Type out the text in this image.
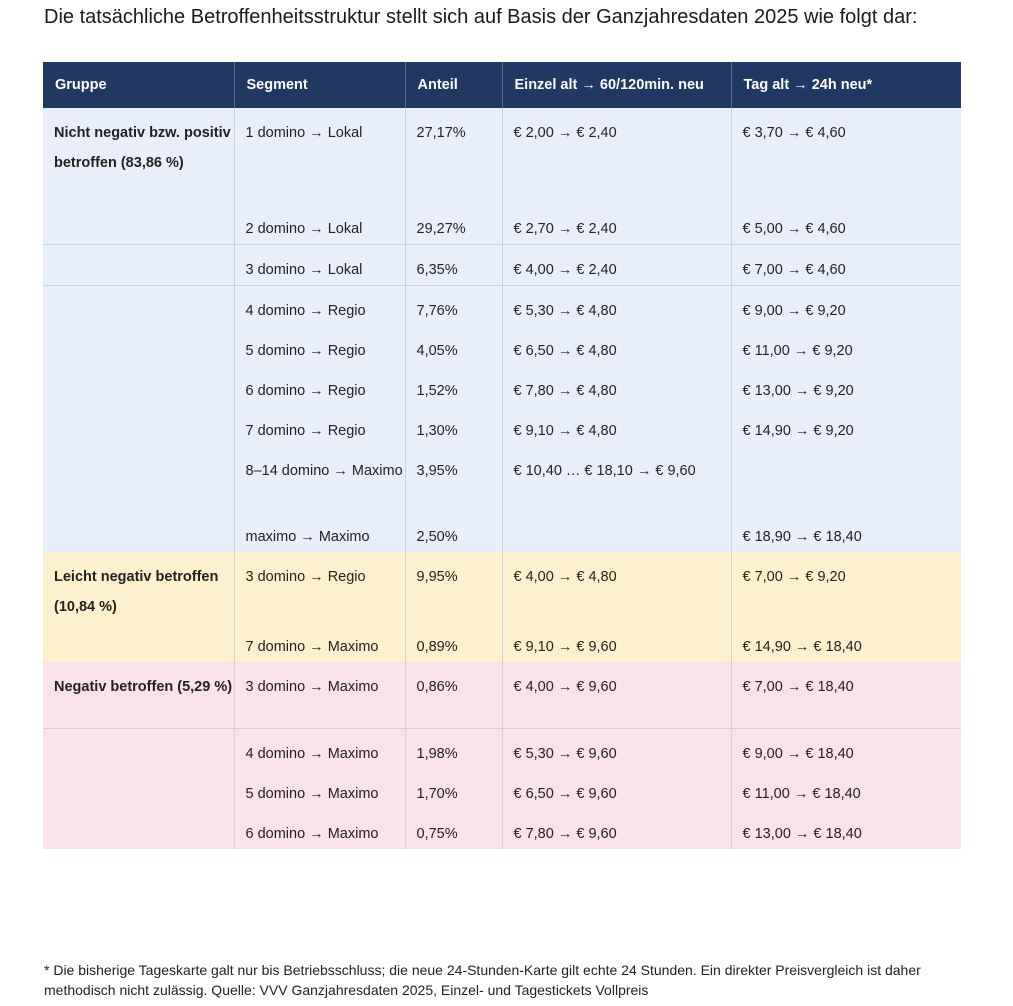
Die tatsächliche Betroffenheitsstruktur stellt sich auf Basis der Ganzjahresdaten 2025 wie folgt dar:
Gruppe	Segment	Anteil	Einzel alt → 60/120min. neu	Tag alt → 24h neu*
Nicht negativ bzw. positiv betroffen (83,86 %)	1 domino → Lokal	27,17%	€ 2,00 → € 2,40	€ 3,70 → € 4,60
	2 domino → Lokal	29,27%	€ 2,70 → € 2,40	€ 5,00 → € 4,60
	3 domino → Lokal	6,35%	€ 4,00 → € 2,40	€ 7,00 → € 4,60
	4 domino → Regio	7,76%	€ 5,30 → € 4,80	€ 9,00 → € 9,20
	5 domino → Regio	4,05%	€ 6,50 → € 4,80	€ 11,00 → € 9,20
	6 domino → Regio	1,52%	€ 7,80 → € 4,80	€ 13,00 → € 9,20
	7 domino → Regio	1,30%	€ 9,10 → € 4,80	€ 14,90 → € 9,20
	8–14 domino → Maximo	3,95%	€ 10,40 … € 18,10 → € 9,60	
	maximo → Maximo	2,50%		€ 18,90 → € 18,40
Leicht negativ betroffen (10,84 %)	3 domino → Regio	9,95%	€ 4,00 → € 4,80	€ 7,00 → € 9,20
	7 domino → Maximo	0,89%	€ 9,10 → € 9,60	€ 14,90 → € 18,40
Negativ betroffen (5,29 %)	3 domino → Maximo	0,86%	€ 4,00 → € 9,60	€ 7,00 → € 18,40
	4 domino → Maximo	1,98%	€ 5,30 → € 9,60	€ 9,00 → € 18,40
	5 domino → Maximo	1,70%	€ 6,50 → € 9,60	€ 11,00 → € 18,40
	6 domino → Maximo	0,75%	€ 7,80 → € 9,60	€ 13,00 → € 18,40
* Die bisherige Tageskarte galt nur bis Betriebsschluss; die neue 24-Stunden-Karte gilt echte 24 Stunden. Ein direkter Preisvergleich ist daher methodisch nicht zulässig. Quelle: VVV Ganzjahresdaten 2025, Einzel- und Tagestickets Vollpreis
